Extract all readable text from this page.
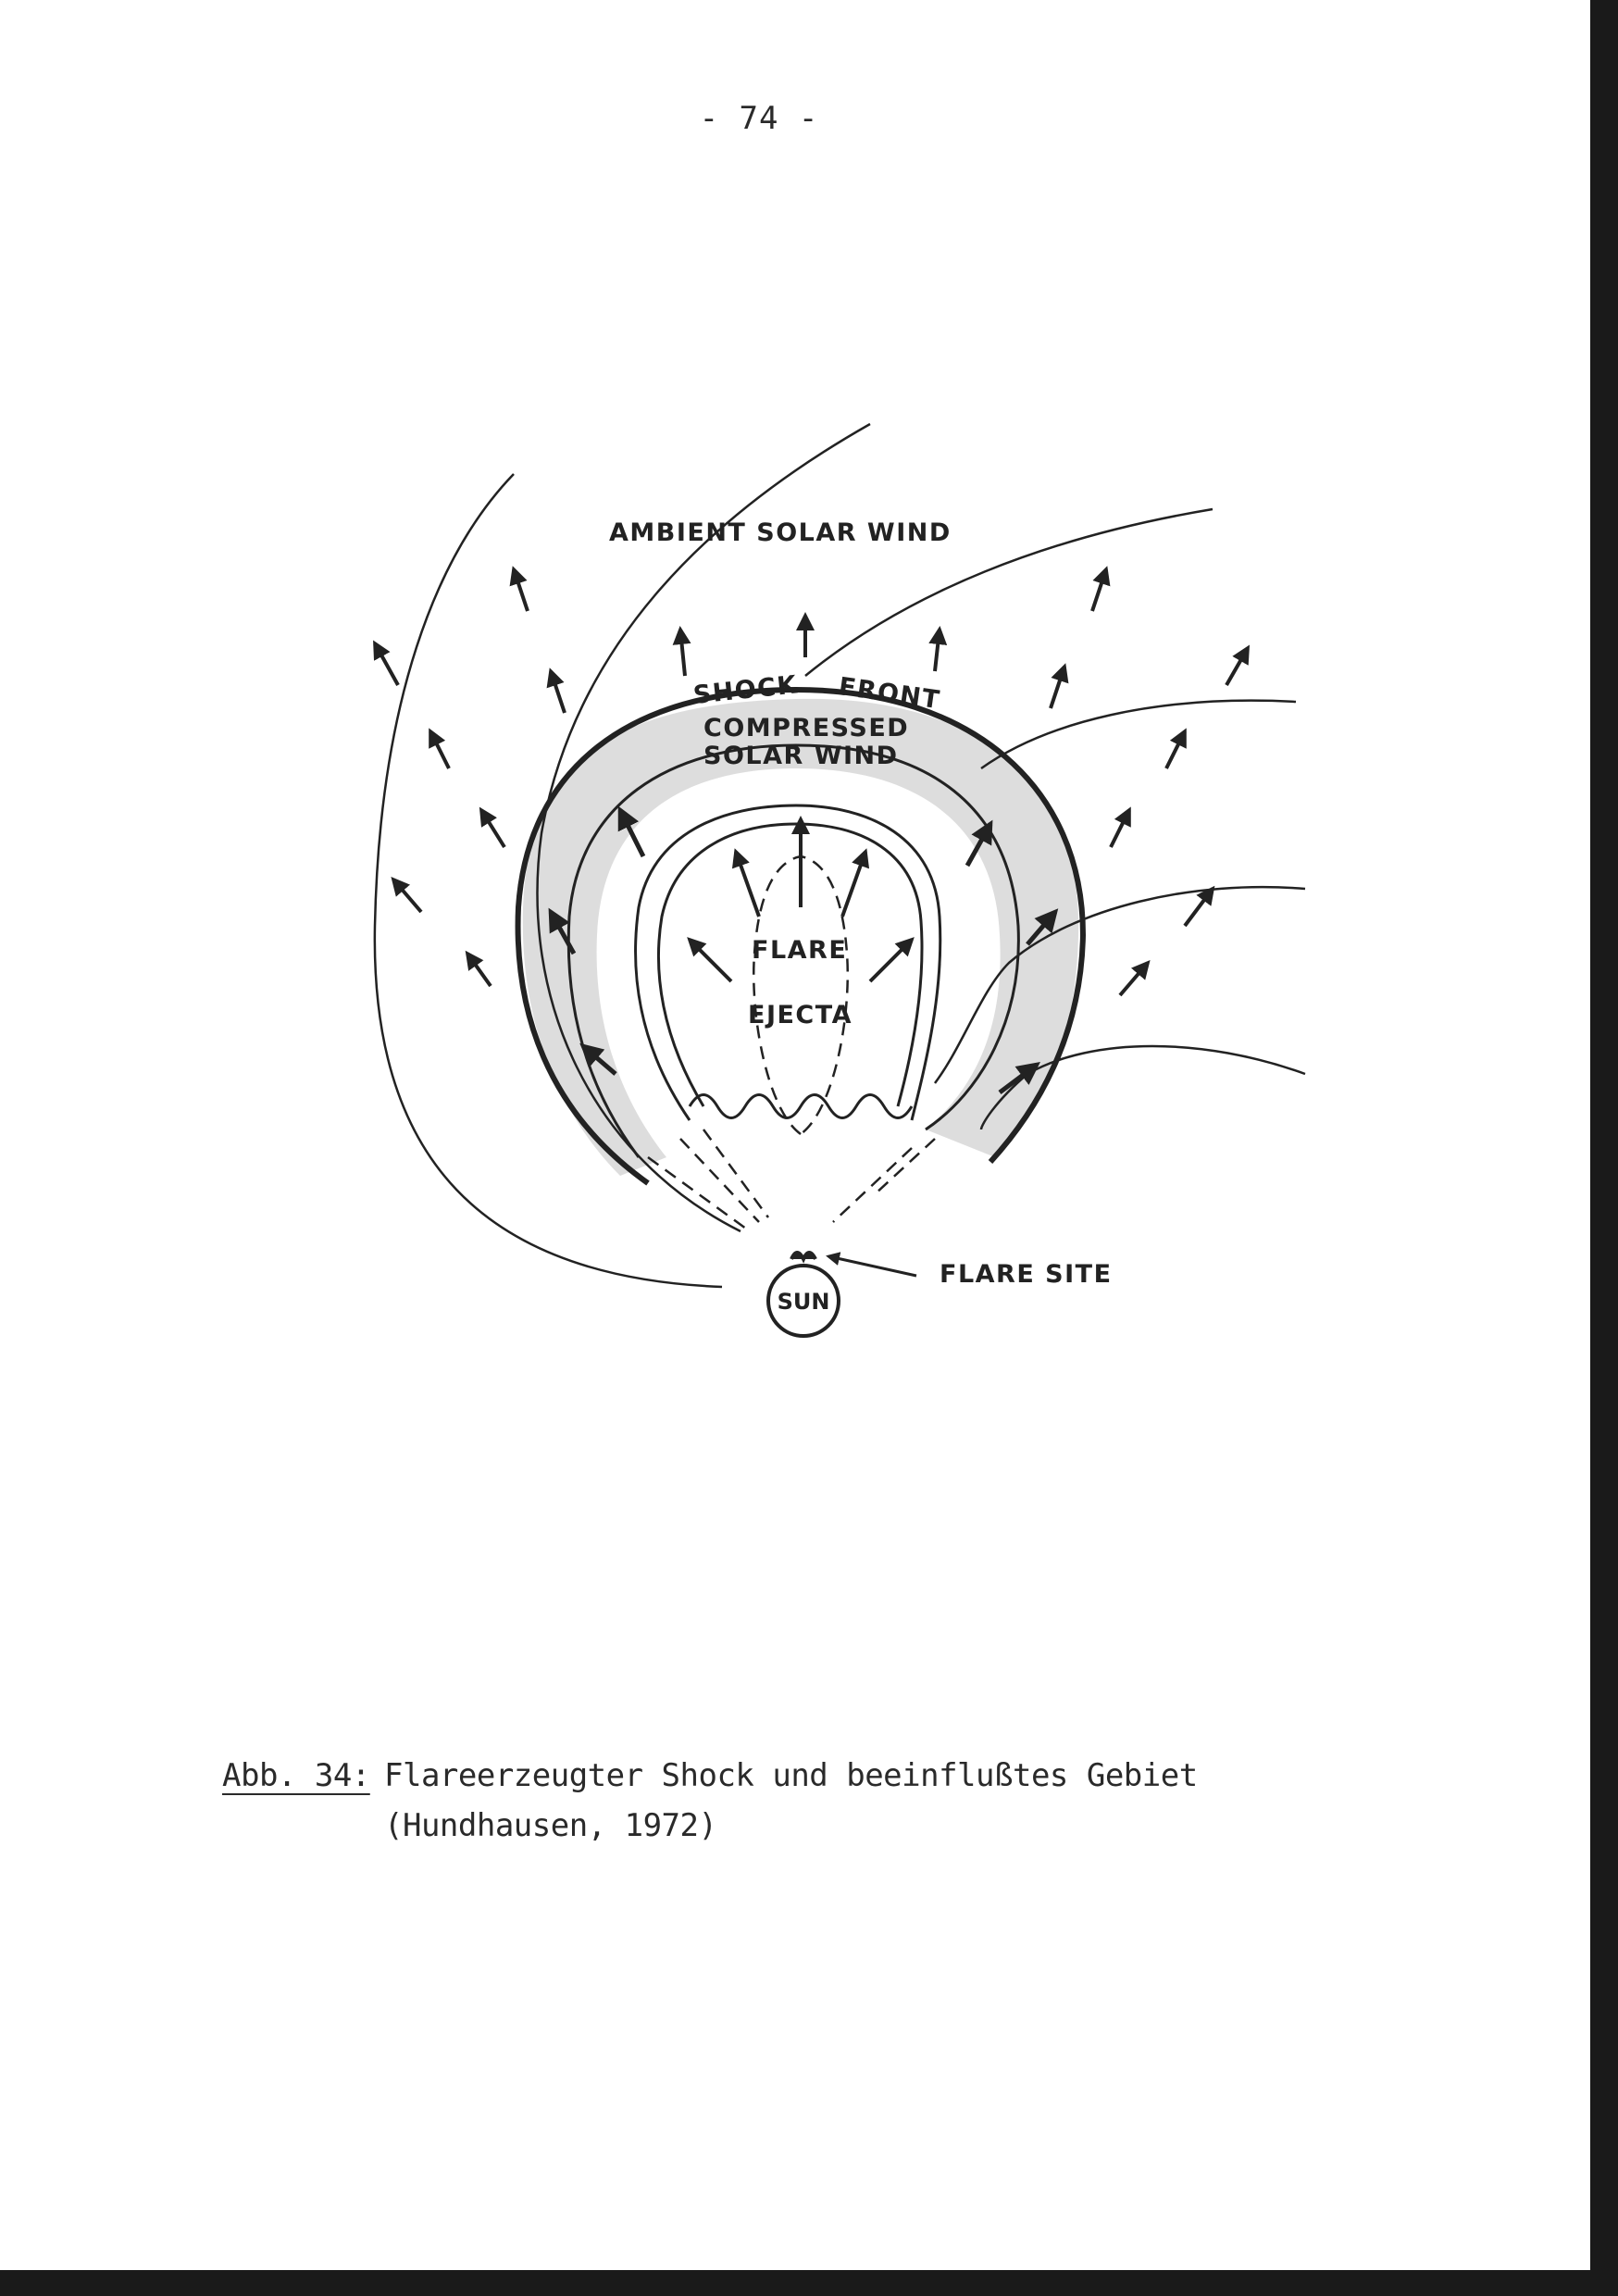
- 74 -
AMBIENT SOLAR WIND
SHOCK FRONT
COMPRESSED
SOLAR WIND
FLARE
EJECTA
FLARE SITE
SUN
Abb. 34: Flareerzeugter Shock und beeinflußtes Gebiet
(Hundhausen, 1972)
